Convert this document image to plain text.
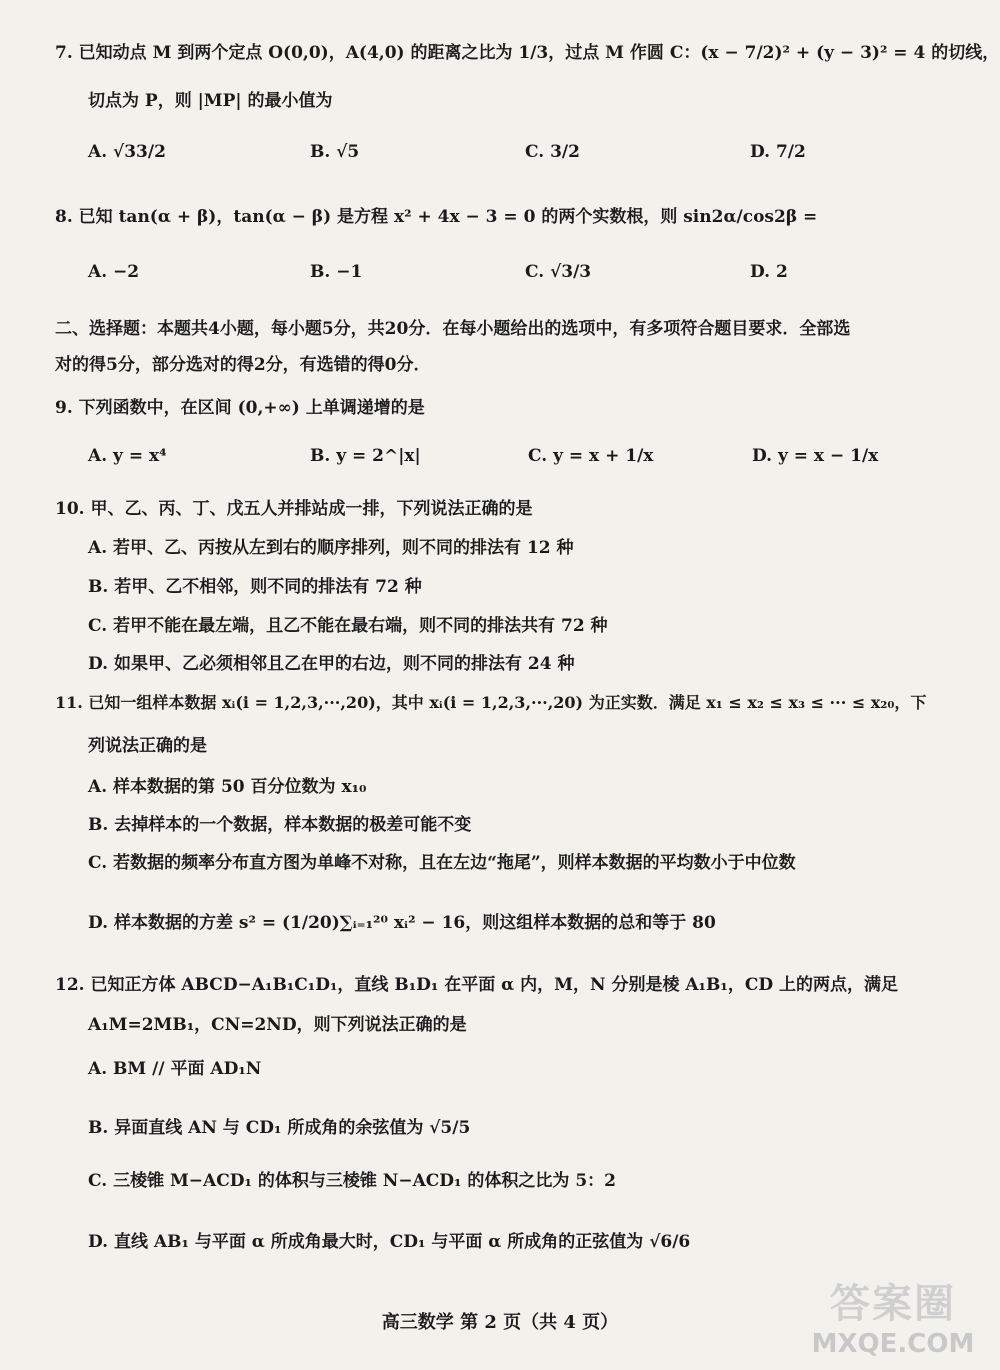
7. 已知动点 M 到两个定点 O(0,0)，A(4,0) 的距离之比为 1/3，过点 M 作圆 C：(x − 7/2)² + (y − 3)² = 4 的切线，
切点为 P，则 |MP| 的最小值为
A. √33/2	B. √5	C. 3/2	D. 7/2
8. 已知 tan(α + β)，tan(α − β) 是方程 x² + 4x − 3 = 0 的两个实数根，则 sin2α/cos2β =
A. −2	B. −1	C. √3/3	D. 2
二、选择题：本题共4小题，每小题5分，共20分．在每小题给出的选项中，有多项符合题目要求．全部选
对的得5分，部分选对的得2分，有选错的得0分．
9. 下列函数中，在区间 (0,+∞) 上单调递增的是
A. y = x⁴	B. y = 2^|x|	C. y = x + 1/x	D. y = x − 1/x
10. 甲、乙、丙、丁、戊五人并排站成一排，下列说法正确的是
A. 若甲、乙、丙按从左到右的顺序排列，则不同的排法有 12 种
B. 若甲、乙不相邻，则不同的排法有 72 种
C. 若甲不能在最左端，且乙不能在最右端，则不同的排法共有 72 种
D. 如果甲、乙必须相邻且乙在甲的右边，则不同的排法有 24 种
11. 已知一组样本数据 xᵢ(i = 1,2,3,···,20)，其中 xᵢ(i = 1,2,3,···,20) 为正实数．满足 x₁ ≤ x₂ ≤ x₃ ≤ ··· ≤ x₂₀，下
列说法正确的是
A. 样本数据的第 50 百分位数为 x₁₀
B. 去掉样本的一个数据，样本数据的极差可能不变
C. 若数据的频率分布直方图为单峰不对称，且在左边“拖尾”，则样本数据的平均数小于中位数
D. 样本数据的方差 s² = (1/20)∑ᵢ₌₁²⁰ xᵢ² − 16，则这组样本数据的总和等于 80
12. 已知正方体 ABCD−A₁B₁C₁D₁，直线 B₁D₁ 在平面 α 内，M，N 分别是棱 A₁B₁，CD 上的两点，满足
A₁M=2MB₁，CN=2ND，则下列说法正确的是
A. BM // 平面 AD₁N
B. 异面直线 AN 与 CD₁ 所成角的余弦值为 √5/5
C. 三棱锥 M−ACD₁ 的体积与三棱锥 N−ACD₁ 的体积之比为 5：2
D. 直线 AB₁ 与平面 α 所成角最大时，CD₁ 与平面 α 所成角的正弦值为 √6/6
高三数学 第 2 页（共 4 页）	答案圈
MXQE.COM
